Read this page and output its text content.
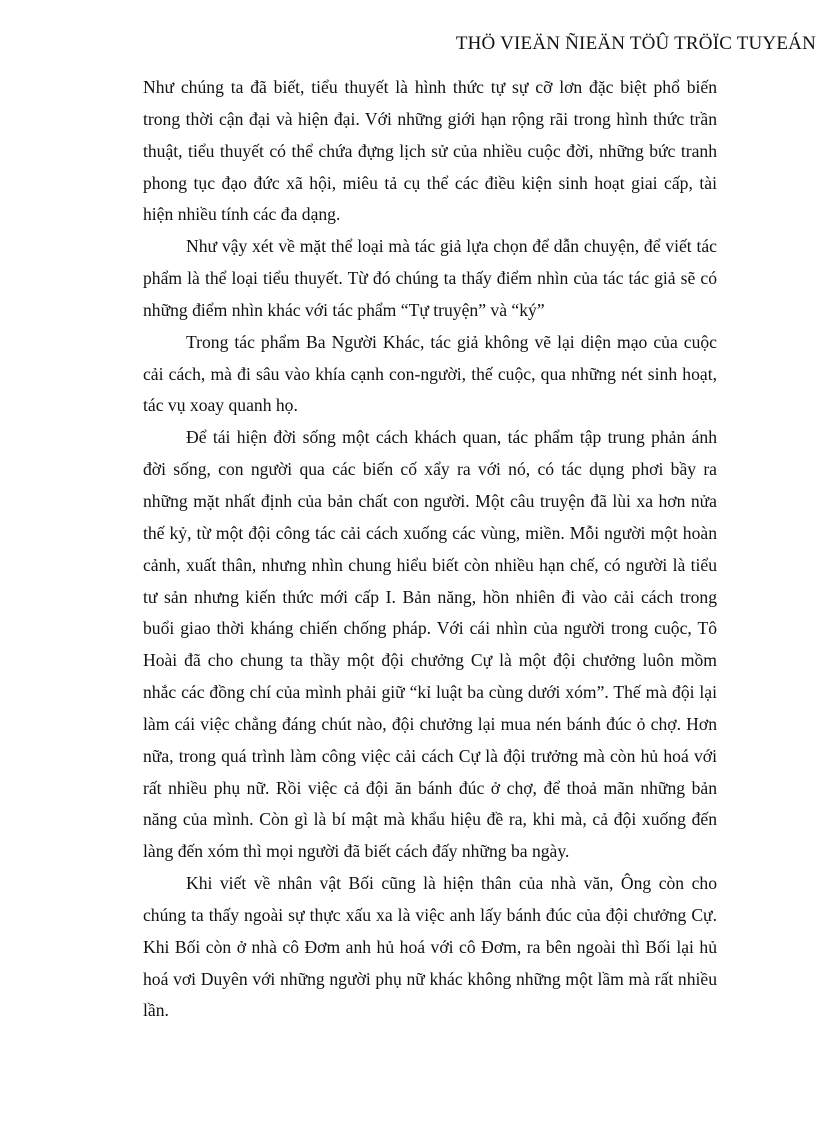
THÖ VIEÄN ÑIEÄN TÖÛ TRÖÏC TUYEÁN
Như chúng ta đã biết, tiểu thuyết là hình thức tự sự cỡ lơn đặc biệt phổ biến
trong thời cận đại và hiện đại. Với những giới hạn rộng rãi trong hình thức trần
thuật, tiểu thuyết có thể chứa đựng lịch sử của nhiều cuộc đời, những bức tranh
phong tục đạo đức xã hội, miêu tả cụ thể các điều kiện sinh hoạt giai cấp, tài
hiện nhiều tính các đa dạng.
Như vậy xét về mặt thể loại mà tác giả lựa chọn để dẫn chuyện, để viết tác
phẩm là thể loại tiểu thuyết. Từ đó chúng ta thấy điểm nhìn của tác tác giả sẽ có
những điểm nhìn khác với tác phẩm “Tự truyện” và “ký”
Trong tác phẩm Ba Người Khác, tác giả không vẽ lại diện mạo của cuộc
cải cách, mà đi sâu vào khía cạnh con-người, thế cuộc, qua những nét sinh hoạt,
tác vụ xoay quanh họ.
Để tái hiện đời sống một cách khách quan, tác phẩm tập trung phản ánh
đời sống, con người qua các biến cố xẩy ra với nó, có tác dụng phơi bầy ra
những mặt nhất định của bản chất con người. Một câu truyện đã lùi xa hơn nửa
thế kỷ, từ một đội công tác cải cách xuống các vùng, miền. Mỗi người một hoàn
cảnh, xuất thân, nhưng nhìn chung hiểu biết còn nhiều hạn chế, có người là tiểu
tư sản nhưng kiến thức mới cấp I. Bản năng, hồn nhiên đi vào cải cách trong
buổi giao thời kháng chiến chống pháp. Với cái nhìn của người trong cuộc, Tô
Hoài đã cho chung ta thầy một đội chưởng Cự là một đội chưởng luôn mồm
nhắc các đồng chí của mình phải giữ “kỉ luật ba cùng dưới xóm”. Thế mà đội lại
làm cái việc chẳng đáng chút nào, đội chưởng lại mua nén bánh đúc ỏ chợ. Hơn
nữa, trong quá trình làm công việc cải cách Cự là đội trưởng mà còn hủ hoá với
rất nhiều phụ nữ. Rồi việc cả đội ăn bánh đúc ở chợ, để thoả mãn những bản
năng của mình. Còn gì là bí mật mà khẩu hiệu đề ra, khi mà, cả đội xuống đến
làng đến xóm thì mọi người đã biết cách đấy những ba ngày.
Khi viết về nhân vật Bối cũng là hiện thân của nhà văn, Ông còn cho
chúng ta thấy ngoài sự thực xấu xa là việc anh lấy bánh đúc của đội chưởng Cự.
Khi Bối còn ở nhà cô Đơm anh hủ hoá với cô Đơm, ra bên ngoài thì Bối lại hủ
hoá vơi Duyên với những người phụ nữ khác không những một lầm mà rất nhiều
lần.
